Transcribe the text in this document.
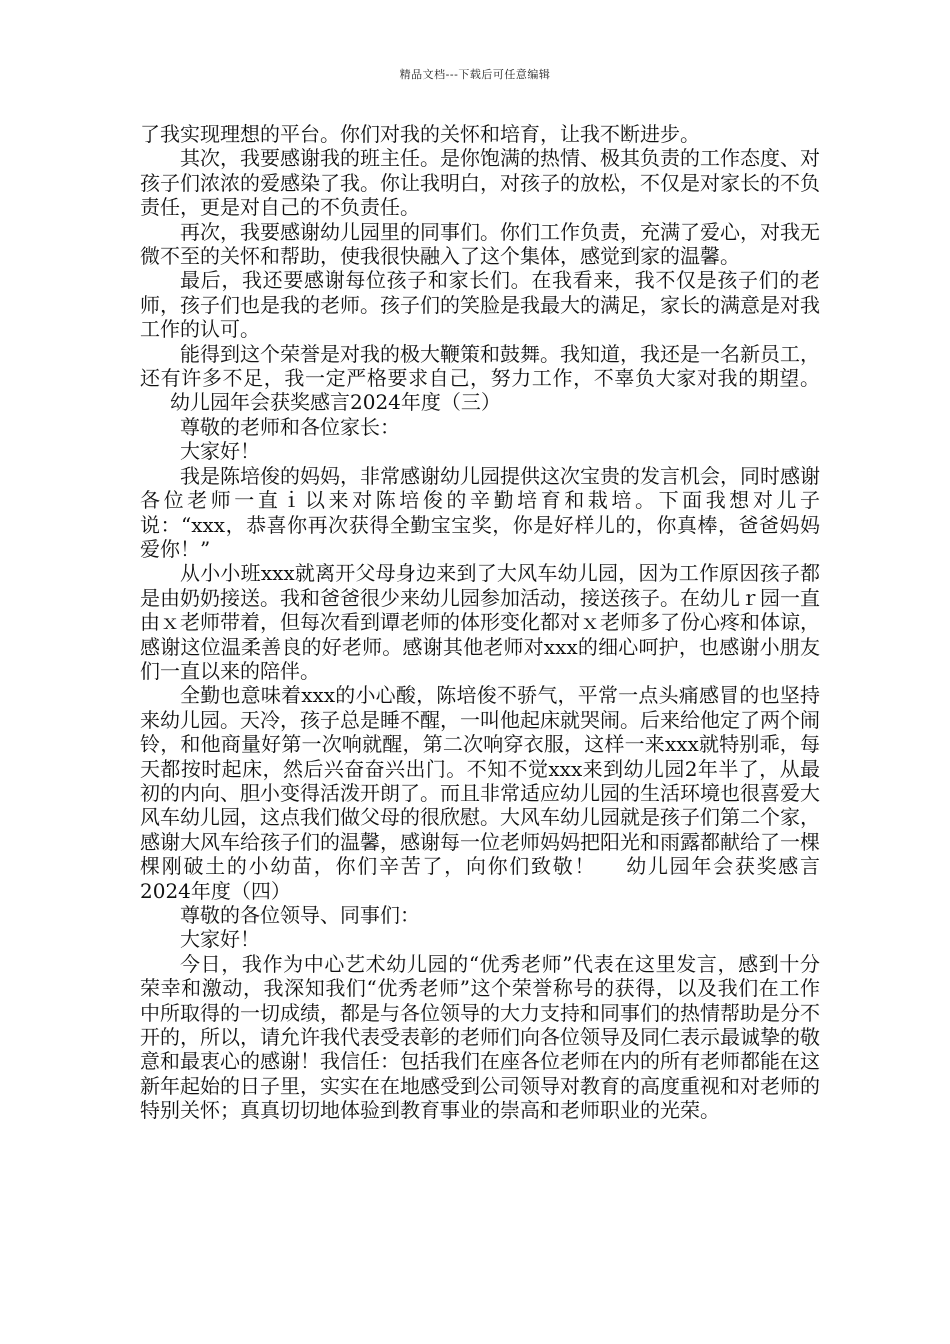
精品文档---下载后可任意编辑

了我实现理想的平台。你们对我的关怀和培育，让我不断进步。

其次，我要感谢我的班主任。是你饱满的热情、极其负责的工作态度、对孩子们浓浓的爱感染了我。你让我明白，对孩子的放松，不仅是对家长的不负责任，更是对自己的不负责任。

再次，我要感谢幼儿园里的同事们。你们工作负责，充满了爱心，对我无微不至的关怀和帮助，使我很快融入了这个集体，感觉到家的温馨。

最后，我还要感谢每位孩子和家长们。在我看来，我不仅是孩子们的老师，孩子们也是我的老师。孩子们的笑脸是我最大的满足，家长的满意是对我工作的认可。

能得到这个荣誉是对我的极大鞭策和鼓舞。我知道，我还是一名新员工，还有许多不足，我一定严格要求自己，努力工作，不辜负大家对我的期望。幼儿园年会获奖感言2024年度（三）

尊敬的老师和各位家长：

大家好！

我是陈培俊的妈妈，非常感谢幼儿园提供这次宝贵的发言机会，同时感谢各位老师一直ｉ以来对陈培俊的辛勤培育和栽培。下面我想对儿子说：“xxx，恭喜你再次获得全勤宝宝奖，你是好样儿的，你真棒，爸爸妈妈爱你！”

从小小班xxx就离开父母身边来到了大风车幼儿园，因为工作原因孩子都是由奶奶接送。我和爸爸很少来幼儿园参加活动，接送孩子。在幼儿ｒ园一直由ｘ老师带着，但每次看到谭老师的体形变化都对ｘ老师多了份心疼和体谅，感谢这位温柔善良的好老师。感谢其他老师对xxx的细心呵护，也感谢小朋友们一直以来的陪伴。

全勤也意味着xxx的小心酸，陈培俊不骄气，平常一点头痛感冒的也坚持来幼儿园。天冷，孩子总是睡不醒，一叫他起床就哭闹。后来给他定了两个闹铃，和他商量好第一次响就醒，第二次响穿衣服，这样一来xxx就特别乖，每天都按时起床，然后兴奋奋兴出门。不知不觉xxx来到幼儿园2年半了，从最初的内向、胆小变得活泼开朗了。而且非常适应幼儿园的生活环境也很喜爱大风车幼儿园，这点我们做父母的很欣慰。大风车幼儿园就是孩子们第二个家，感谢大风车给孩子们的温馨，感谢每一位老师妈妈把阳光和雨露都献给了一棵棵刚破土的小幼苗，你们辛苦了，向你们致敬！ 幼儿园年会获奖感言2024年度（四）

尊敬的各位领导、同事们：

大家好！

今日，我作为中心艺术幼儿园的“优秀老师”代表在这里发言，感到十分荣幸和激动，我深知我们“优秀老师”这个荣誉称号的获得，以及我们在工作中所取得的一切成绩，都是与各位领导的大力支持和同事们的热情帮助是分不开的，所以，请允许我代表受表彰的老师们向各位领导及同仁表示最诚挚的敬意和最衷心的感谢！我信任：包括我们在座各位老师在内的所有老师都能在这新年起始的日子里，实实在在地感受到公司领导对教育的高度重视和对老师的特别关怀；真真切切地体验到教育事业的崇高和老师职业的光荣。
